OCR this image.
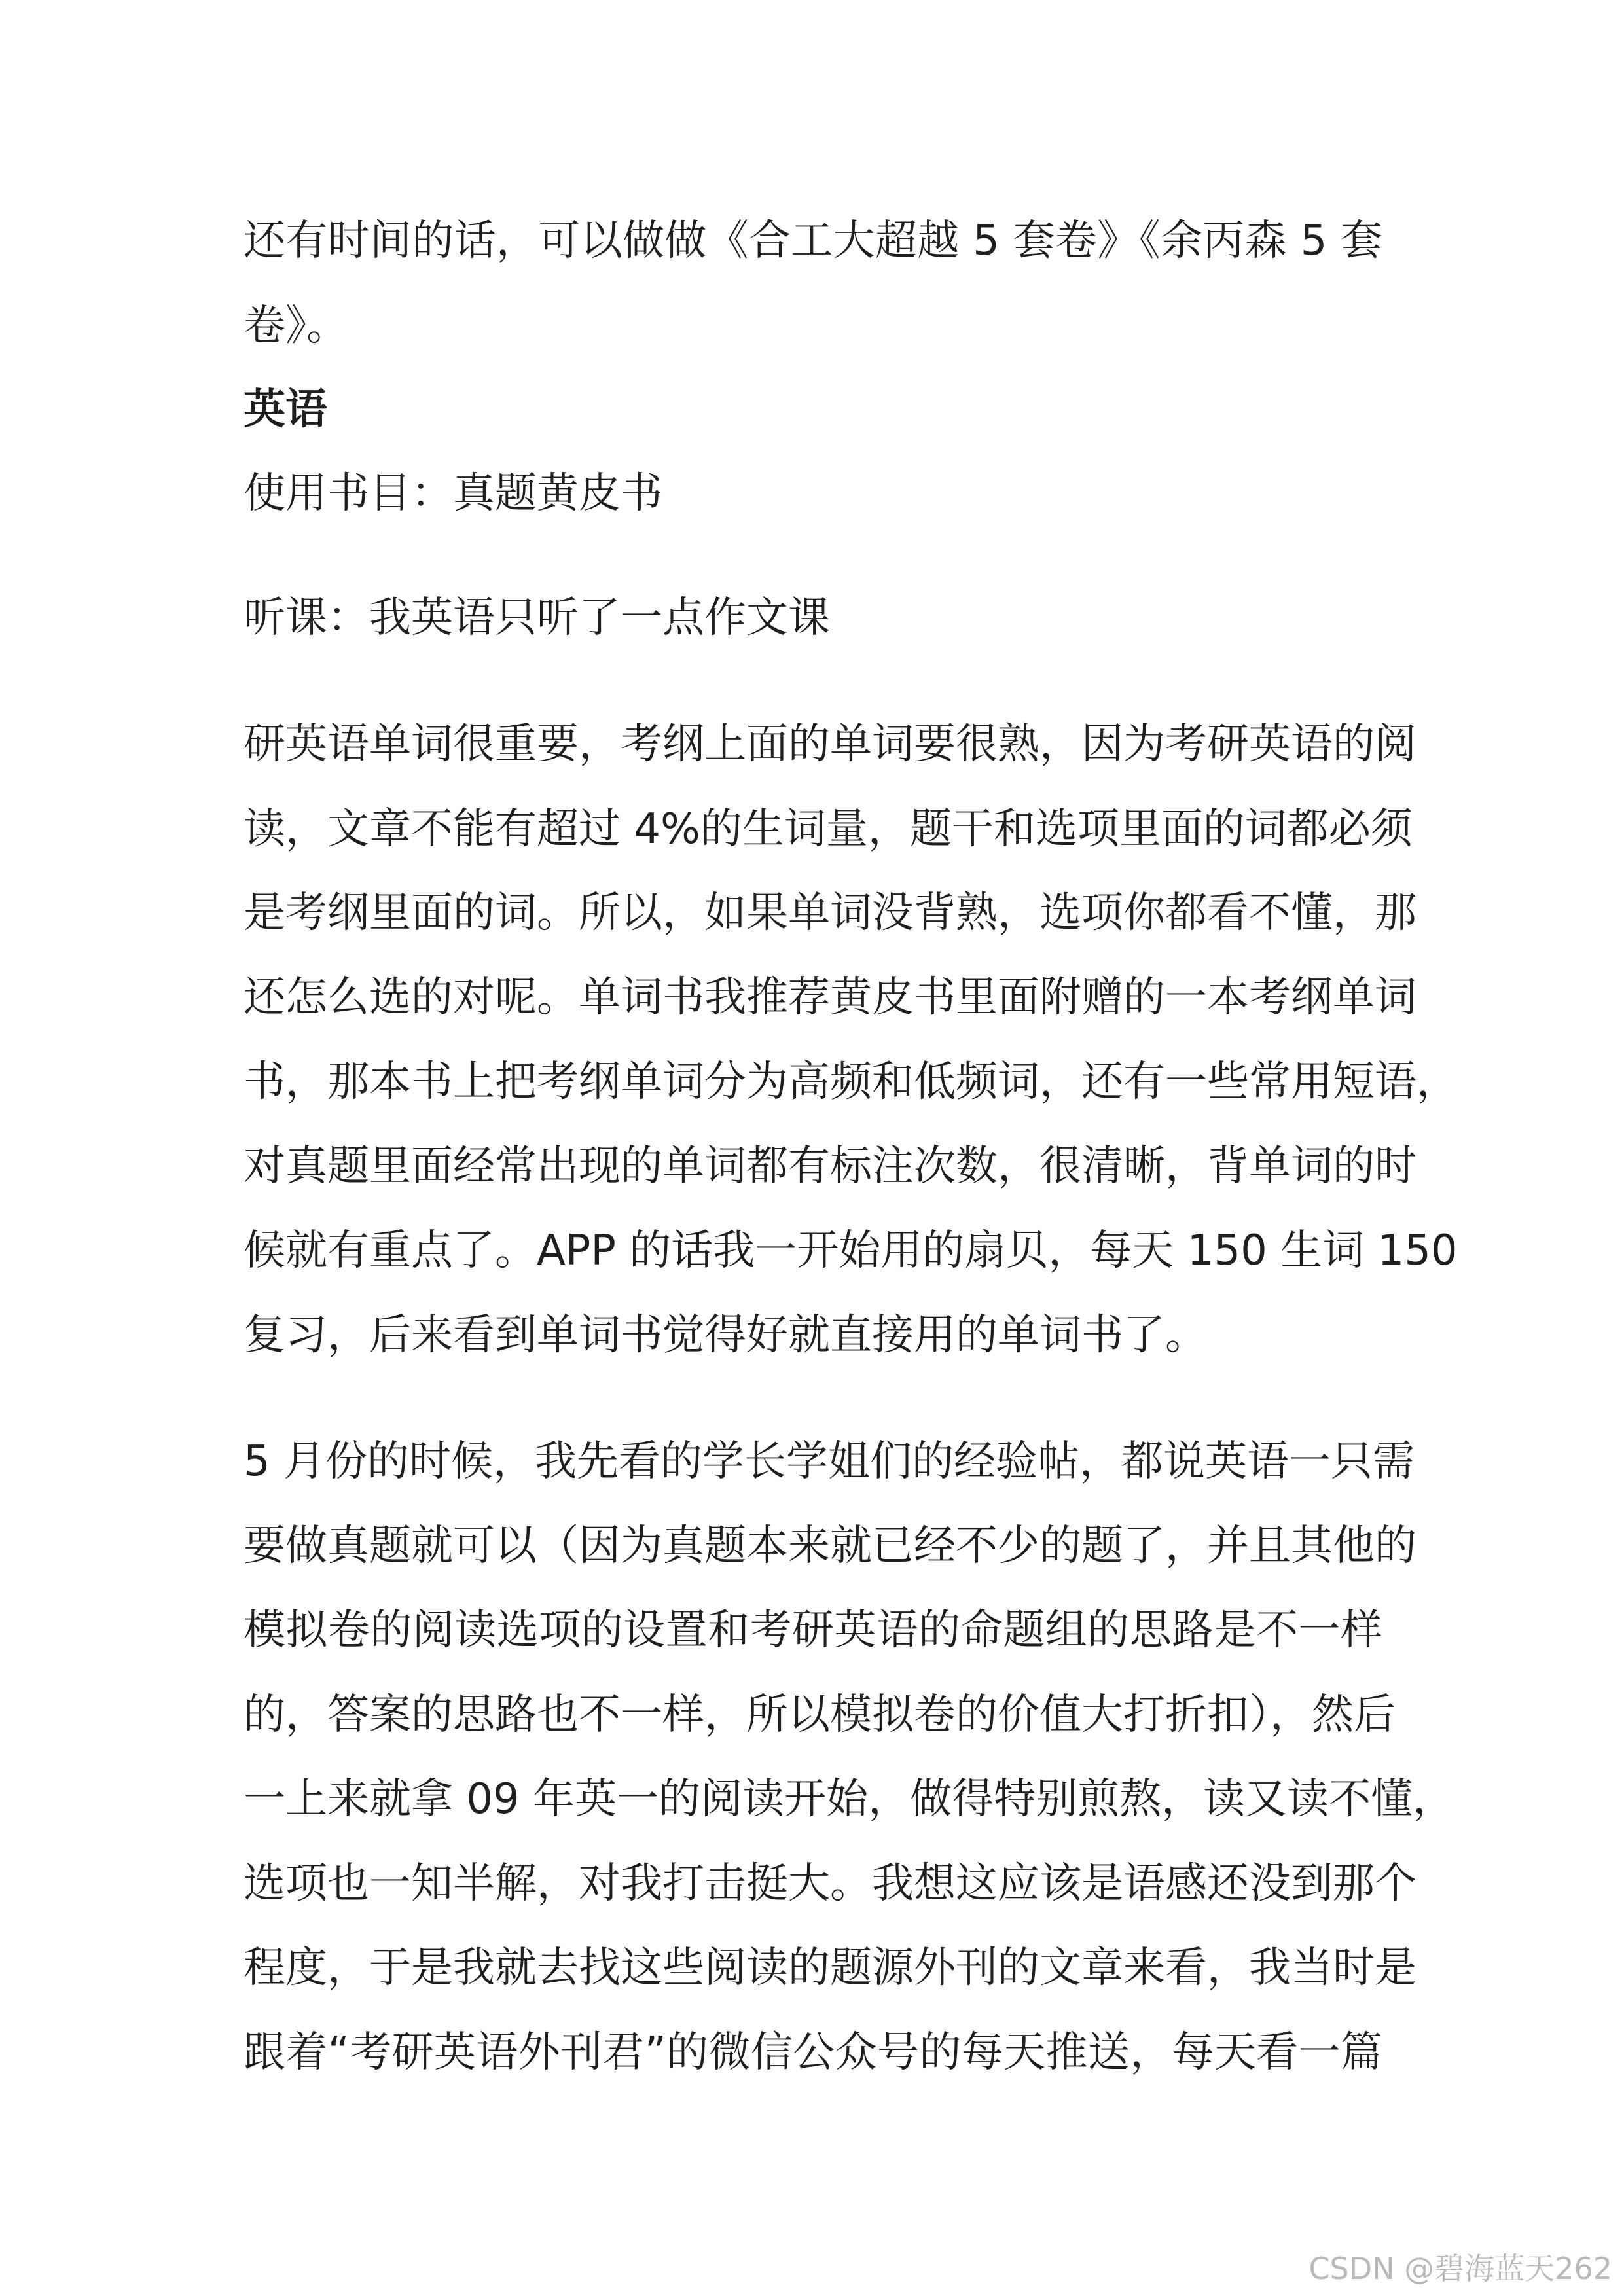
还有时间的话，可以做做《合工大超越 5 套卷》《余丙森 5 套
卷》。
英语
使用书目：真题黄皮书
听课：我英语只听了一点作文课
研英语单词很重要，考纲上面的单词要很熟，因为考研英语的阅
读，文章不能有超过 4%的生词量，题干和选项里面的词都必须
是考纲里面的词。所以，如果单词没背熟，选项你都看不懂，那
还怎么选的对呢。单词书我推荐黄皮书里面附赠的一本考纲单词
书，那本书上把考纲单词分为高频和低频词，还有一些常用短语，
对真题里面经常出现的单词都有标注次数，很清晰，背单词的时
候就有重点了。APP 的话我一开始用的扇贝，每天 150 生词 150
复习，后来看到单词书觉得好就直接用的单词书了。
5 月份的时候，我先看的学长学姐们的经验帖，都说英语一只需
要做真题就可以（因为真题本来就已经不少的题了，并且其他的
模拟卷的阅读选项的设置和考研英语的命题组的思路是不一样
的，答案的思路也不一样，所以模拟卷的价值大打折扣），然后
一上来就拿 09 年英一的阅读开始，做得特别煎熬，读又读不懂，
选项也一知半解，对我打击挺大。我想这应该是语感还没到那个
程度，于是我就去找这些阅读的题源外刊的文章来看，我当时是
跟着“考研英语外刊君”的微信公众号的每天推送，每天看一篇
CSDN @碧海蓝天262
